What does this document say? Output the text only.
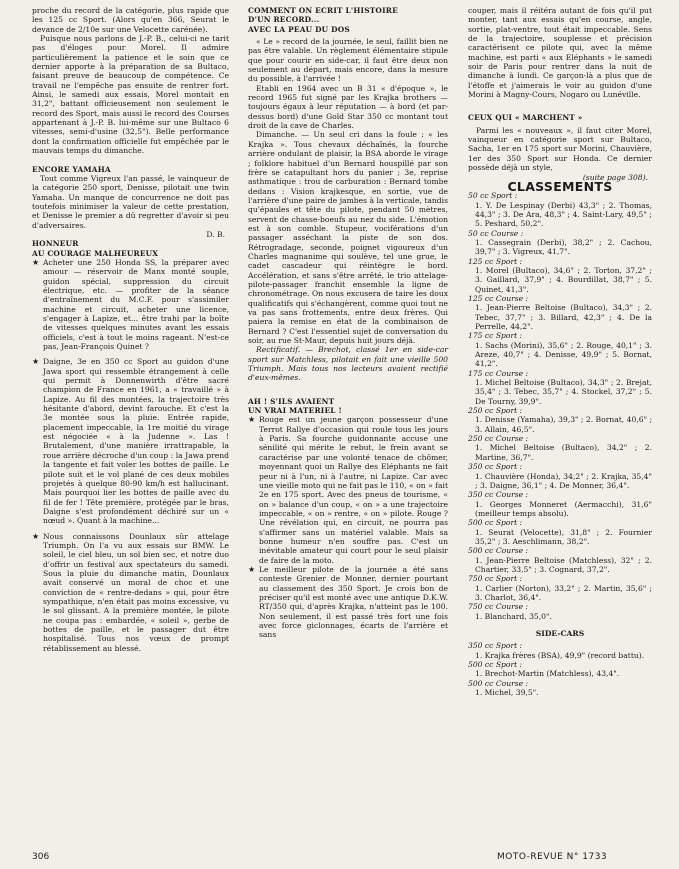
proche du record de la catégorie, plus rapide que les 125 cc Sport. (Alors qu'en 366, Seurat le devance de 2/10e sur une Velocette carénée).

Puisque nous parlons de J.-P. B., celui-ci ne tarit pas d'éloges pour Morel. Il admire particulièrement la patience et le soin que ce dernier apporte à la préparation de sa Bultaco, faisant preuve de beaucoup de compétence. Ce travail ne l'empêche pas ensuite de rentrer fort. Ainsi, le samedi aux essais, Morel montait en 31,2", battant officieusement non seulement le record des Sport, mais aussi le record des Courses appartenant à J.-P. B. lui-même sur une Bultaco 6 vitesses, semi-d'usine (32,5"). Belle performance dont la confirmation officielle fut empêchée par le mauvais temps du dimanche.

ENCORE YAMAHA

Tout comme Vigreux l'an passé, le vainqueur de la catégorie 250 sport, Denisse, pilotait une twin Yamaha. Un manque de concurrence ne doit pas toutefois minimiser la valeur de cette prestation, et Denisse le premier a dû regretter d'avoir si peu d'adversaires.

D. B.

HONNEUR

AU COURAGE MALHEUREUX

★ Acheter une 250 Honda SS, la préparer avec amour — réservoir de Manx monté souple, guidon spécial, suppression du circuit électrique, etc. — profiter de la séance d'entraînement du M.C.F. pour s'assimiler machine et circuit, acheter une licence, s'engager à Lapize, et... être trahi par la boîte de vitesses quelques minutes avant les essais officiels, c'est à tout le moins rageant. N'est-ce pas, Jean-François Quinet ?

★ Daigne, 3e en 350 cc Sport au guidon d'une Jawa sport qui ressemble étrangement à celle qui permit à Donnenwirth d'être sacré champion de France en 1961, a « travaillé » à Lapize. Au fil des montées, la trajectoire très hésitante d'abord, devint farouche. Et c'est la 3e montée sous la pluie. Entrée rapide, placement impeccable, la 1re moitié du virage est négociée « à la Judenne ». Las ! Brutalement, d'une manière irrattrapable, la roue arrière décroche d'un coup : la Jawa prend la tangente et fait voler les bottes de paille. Le pilote suit et le vol plané de ces deux mobiles projetés à quelque 80-90 km/h est hallucinant. Mais pourquoi lier les bottes de paille avec du fil de fer ! Tête première, protégée par le bras, Daigne s'est profondément déchiré sur un « nœud ». Quant à la machine...

★ Nous connaissons Dounlaux sûr attelage Triumph. On l'a vu aux essais sur BMW. Le soleil, le ciel bleu, un sol bien sec, et notre duo d'offrir un festival aux spectateurs du samedi. Sous la pluie du dimanche matin, Dounlaux avait conservé un moral de choc et une conviction de « rentre-dedans » qui, pour être sympathique, n'en était pas moins excessive, vu le sol glissant. A la première montée, le pilote ne coupa pas : embardée, « soleil », gerbe de bottes de paille, et le passager dut être hospitalisé. Tous nos vœux de prompt rétablissement au blessé.

COMMENT ON ECRIT L'HISTOIRE

D'UN RECORD...

AVEC LA PEAU DU DOS

« Le » record de la journée, le seul, faillit bien ne pas être valable. Un règlement élémentaire stipule que pour courir en side-car, il faut être deux non seulement au départ, mais encore, dans la mesure du possible, à l'arrivée !

Etabli en 1964 avec un B 31 « d'époque », le record 1965 fut signé par les Krajka brothers — toujours égaux à leur réputation — à bord (et par-dessus bord) d'une Gold Star 350 cc montant tout droit de la cave de Charles.

Dimanche. — Un seul cri dans la foule : « les Krajka ». Tous chevaux déchaînés, la fourche arrière ondulant de plaisir, la BSA aborde le virage ; folklore habituel d'un Bernard houspillé par son frère se catapultant hors du panier ; 3e, reprise asthmatique : trou de carburation : Bernard tombe dedans : Vision krajkesque, en sortie, vue de l'arrière d'une paire de jambes à la verticale, tandis qu'épaules et tête du pilote, pendant 50 mètres, servent de chasse-boeufs au nez du side. L'émotion est à son comble. Stupeur, vociférations d'un passager asséchant la piste de son dos. Rétrogradage, seconde, poignet vigoureux d'un Charles magnanime qui soulève, tel une grue, le cadet cascadeur qui réintègre le bord. Accélération, et sans s'être arrêté, le trio attelage-pilote-passager franchit ensemble la ligne de chronométrage. On nous excusera de taire les doux qualificatifs qui s'échangèrent, comme quoi tout ne va pas sans frottements, entre deux frères. Qui paiera la remise en état de la combinaison de Bernard ? C'est l'essentiel sujet de conversation du soir, au rue St-Maur, depuis huit jours déjà.

Rectificatif. — Brechot, classé 1er en side-car sport sur Matchless, pilotait en fait une vieille 500 Triumph. Mais tous nos lecteurs avaient rectifié d'eux-mêmes.

AH ! S'ILS AVAIENT

UN VRAI MATERIEL !

★ Rouge est un jeune garçon possesseur d'une Terrot Rallye d'occasion qui roule tous les jours à Paris. Sa fourche guidonnante accuse une sénilité qui mérite le rebut, le frein avant se caractérise par une volonté tenace de chômer, moyennant quoi un Rallye des Eléphants ne fait peur ni à l'un, ni à l'autre, ni Lapize. Car avec une vieille moto qui ne fait pas le 110, « on » fait 2e en 175 sport. Avec des pneus de tourisme, « on » balance d'un coup, « on » a une trajectoire impeccable, « on » rentre, « on » pilote. Rouge ? Une révélation qui, en circuit, ne pourra pas s'affirmer sans un matériel valable. Mais sa bonne humeur n'en souffre pas. C'est un inévitable amateur qui court pour le seul plaisir de faire de la moto.

★ Le meilleur pilote de la journée a été sans conteste Grenier de Monner, dernier pourtant au classement des 350 Sport. Je crois bon de préciser qu'il est monté avec une antique D.K.W. RT/350 qui, d'après Krajka, n'atteint pas le 100. Non seulement, il est passé très fort une fois avec force giclonnages, écarts de l'arrière et sans

couper, mais il réitéra autant de fois qu'il put monter, tant aux essais qu'en course, angle, sortie, plat-ventre, tout était impeccable. Sens de la trajectoire, souplesse et précision caractérisent ce pilote qui, avec la même machine, est parti « aux Eléphants » le samedi soir de Paris pour rentrer dans la nuit de dimanche à lundi. Ce garçon-là a plus que de l'étoffe et j'aimerais le voir au guidon d'une Morini à Magny-Cours, Nogaro ou Lunéville.

CEUX QUI « MARCHENT »

Parmi les « nouveaux », il faut citer Morel, vainqueur en catégorie sport sur Bultaco, Sacha, 1er en 175 sport sur Morini, Chauvière, 1er des 350 Sport sur Honda. Ce dernier possède déjà un style,

(suite page 308).

CLASSEMENTS

50 cc Sport :

1. Y. De Lespinay (Derbi) 43,3" ; 2. Thomas, 44,3" ; 3. De Ara, 48,3" ; 4. Saint-Lary, 49,5" ; 5. Peshard, 50,2".

50 cc Course :

1. Cassegrain (Derbi), 38,2" ; 2. Cachou, 39,7" ; 3. Vigreux, 41,7".

125 cc Sport :

1. Morel (Bultaco), 34,6" ; 2. Torton, 37,2" ; 3. Gaillard, 37,9" ; 4. Bourdillat, 38,7" ; 5. Quinet, 41,3".

125 cc Course :

1. Jean-Pierre Beltoise (Bultaco), 34,3" ; 2. Tebec, 37,7" ; 3. Billard, 42,3" ; 4. De la Perrelle, 44,2".

175 cc Sport :

1. Sachs (Morini), 35,6" ; 2. Rouge, 40,1" ; 3. Areze, 40,7" ; 4. Denisse, 49,9" ; 5. Bornat, 41,2".

175 cc Course :

1. Michel Beltoise (Bultaco), 34,3" ; 2. Brejat, 35,4" ; 3. Tebec, 35,7" ; 4. Stockel, 37,2" ; 5. De Tourny, 39,9".

250 cc Sport :

1. Denisse (Yamaha), 39,3" ; 2. Bornat, 40,6" ; 3. Allain, 46,5".

250 cc Course :

1. Michel Beltoise (Bultaco), 34,2" ; 2. Martine, 36,7".

350 cc Sport :

1. Chauvière (Honda), 34,2" ; 2. Krajka, 35,4" ; 3. Daigne, 36,1" ; 4. De Monner, 36,4".

350 cc Course :

1. Georges Monneret (Aermacchi), 31,6" (meilleur temps absolu).

500 cc Sport :

1. Seurat (Velocette), 31,8" ; 2. Fournier 35,2" ; 3. Aeschlimann, 38,2".

500 cc Course :

1. Jean-Pierre Beltoise (Matchless), 32" ; 2. Chartier, 33,5" ; 3. Cognard, 37,2".

750 cc Sport :

1. Carlier (Norton), 33,2" ; 2. Martin, 35,6" ; 3. Charlot, 36,4".

750 cc Course :

1. Blanchard, 35,0".

SIDE-CARS

350 cc Sport :

1. Krajka frères (BSA), 49,9" (record battu).

500 cc Sport :

1. Brechot-Martin (Matchless), 43,4".

500 cc Course :

1. Michel, 39,5".

306	MOTO-REVUE N° 1733
